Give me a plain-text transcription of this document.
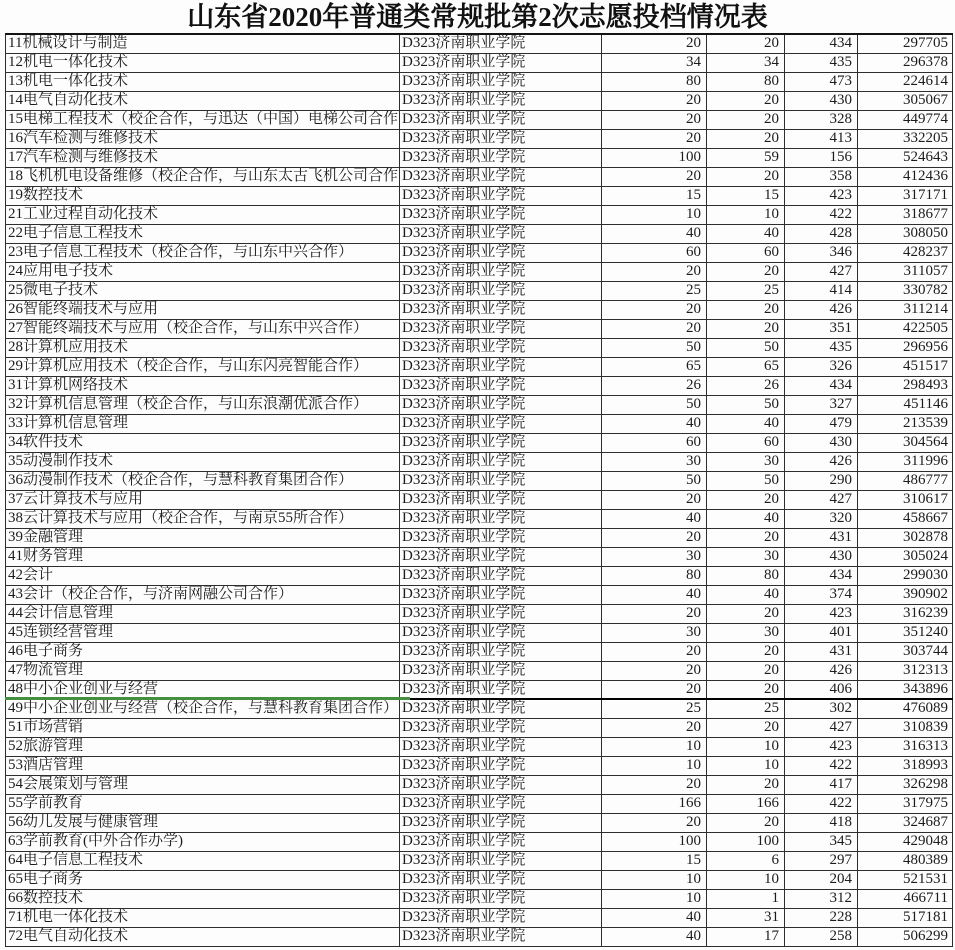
山东省2020年普通类常规批第2次志愿投档情况表
11机械设计与制造	D323济南职业学院	20	20	434	297705
12机电一体化技术	D323济南职业学院	34	34	435	296378
13机电一体化技术	D323济南职业学院	80	80	473	224614
14电气自动化技术	D323济南职业学院	20	20	430	305067
15电梯工程技术（校企合作，与迅达（中国）电梯公司合作 D323济南职业学院	20	20	328	449774
16汽车检测与维修技术	D323济南职业学院	20	20	413	332205
17汽车检测与维修技术	D323济南职业学院	100	59	156	524643
18飞机机电设备维修（校企合作，与山东太古飞机公司合作 D323济南职业学院	20	20	358	412436
19数控技术	D323济南职业学院	15	15	423	317171
21工业过程自动化技术	D323济南职业学院	10	10	422	318677
22电子信息工程技术	D323济南职业学院	40	40	428	308050
23电子信息工程技术（校企合作，与山东中兴合作）	D323济南职业学院	60	60	346	428237
24应用电子技术	D323济南职业学院	20	20	427	311057
25微电子技术	D323济南职业学院	25	25	414	330782
26智能终端技术与应用	D323济南职业学院	20	20	426	311214
27智能终端技术与应用（校企合作，与山东中兴合作）	D323济南职业学院	20	20	351	422505
28计算机应用技术	D323济南职业学院	50	50	435	296956
29计算机应用技术（校企合作，与山东闪亮智能合作）	D323济南职业学院	65	65	326	451517
31计算机网络技术	D323济南职业学院	26	26	434	298493
32计算机信息管理（校企合作，与山东浪潮优派合作）	D323济南职业学院	50	50	327	451146
33计算机信息管理	D323济南职业学院	40	40	479	213539
34软件技术	D323济南职业学院	60	60	430	304564
35动漫制作技术	D323济南职业学院	30	30	426	311996
36动漫制作技术（校企合作，与慧科教育集团合作）	D323济南职业学院	50	50	290	486777
37云计算技术与应用	D323济南职业学院	20	20	427	310617
38云计算技术与应用（校企合作，与南京55所合作）	D323济南职业学院	40	40	320	458667
39金融管理	D323济南职业学院	20	20	431	302878
41财务管理	D323济南职业学院	30	30	430	305024
42会计	D323济南职业学院	80	80	434	299030
43会计（校企合作，与济南网融公司合作）	D323济南职业学院	40	40	374	390902
44会计信息管理	D323济南职业学院	20	20	423	316239
45连锁经营管理	D323济南职业学院	30	30	401	351240
46电子商务	D323济南职业学院	20	20	431	303744
47物流管理	D323济南职业学院	20	20	426	312313
48中小企业创业与经营	D323济南职业学院	20	20	406	343896
49中小企业创业与经营（校企合作，与慧科教育集团合作） D323济南职业学院	25	25	302	476089
51市场营销	D323济南职业学院	20	20	427	310839
52旅游管理	D323济南职业学院	10	10	423	316313
53酒店管理	D323济南职业学院	10	10	422	318993
54会展策划与管理	D323济南职业学院	20	20	417	326298
55学前教育	D323济南职业学院	166	166	422	317975
56幼儿发展与健康管理	D323济南职业学院	20	20	418	324687
63学前教育(中外合作办学)	D323济南职业学院	100	100	345	429048
64电子信息工程技术	D323济南职业学院	15	6	297	480389
65电子商务	D323济南职业学院	10	10	204	521531
66数控技术	D323济南职业学院	10	1	312	466711
71机电一体化技术	D323济南职业学院	40	31	228	517181
72电气自动化技术	D323济南职业学院	40	17	258	506299
